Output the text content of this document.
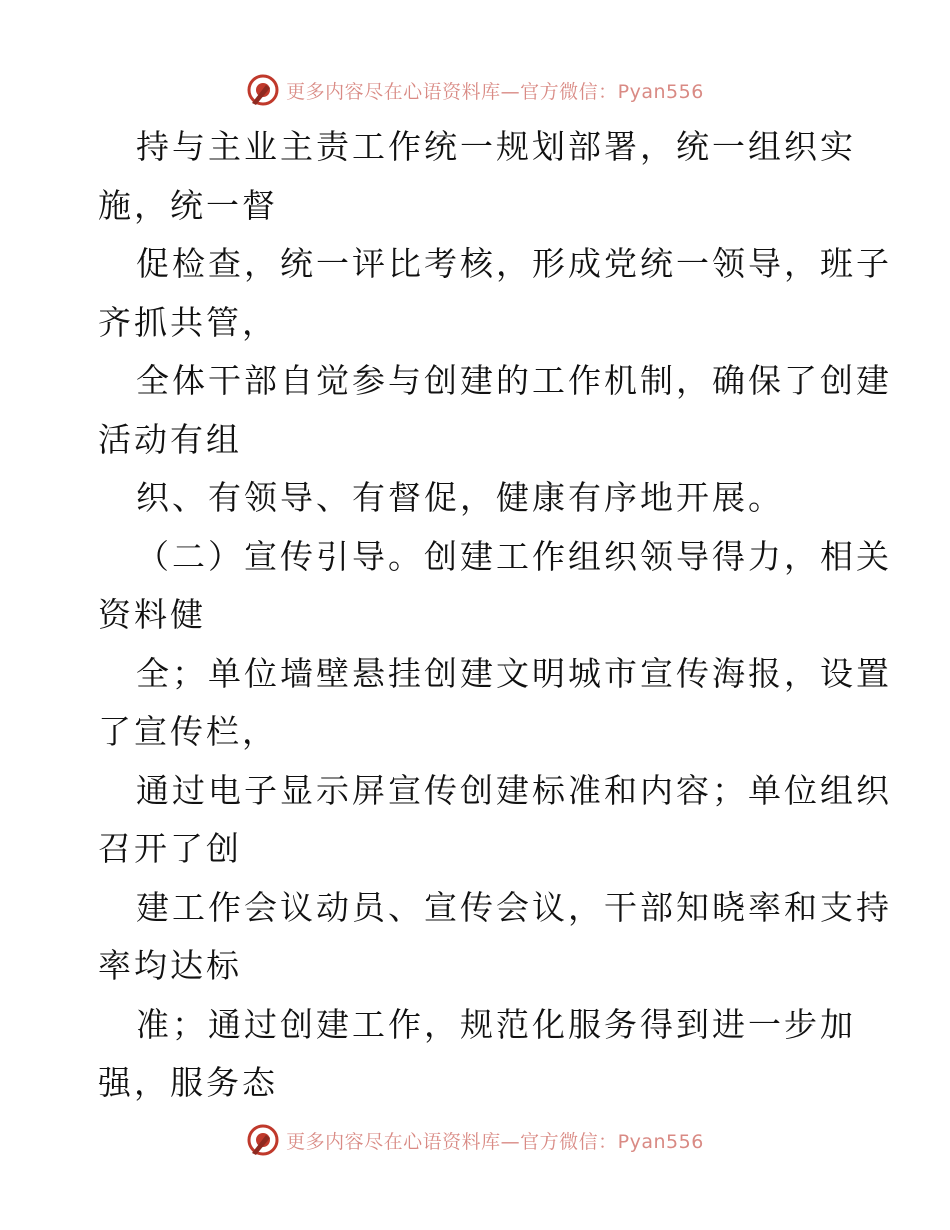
更多内容尽在心语资料库—官方微信：Pyan556
持与主业主责工作统一规划部署，统一组织实
施，统一督
促检查，统一评比考核，形成党统一领导，班子
齐抓共管，
全体干部自觉参与创建的工作机制，确保了创建
活动有组
织、有领导、有督促，健康有序地开展。
（二）宣传引导。创建工作组织领导得力，相关
资料健
全；单位墙壁悬挂创建文明城市宣传海报，设置
了宣传栏，
通过电子显示屏宣传创建标准和内容；单位组织
召开了创
建工作会议动员、宣传会议，干部知晓率和支持
率均达标
准；通过创建工作，规范化服务得到进一步加
强，服务态
更多内容尽在心语资料库—官方微信：Pyan556
